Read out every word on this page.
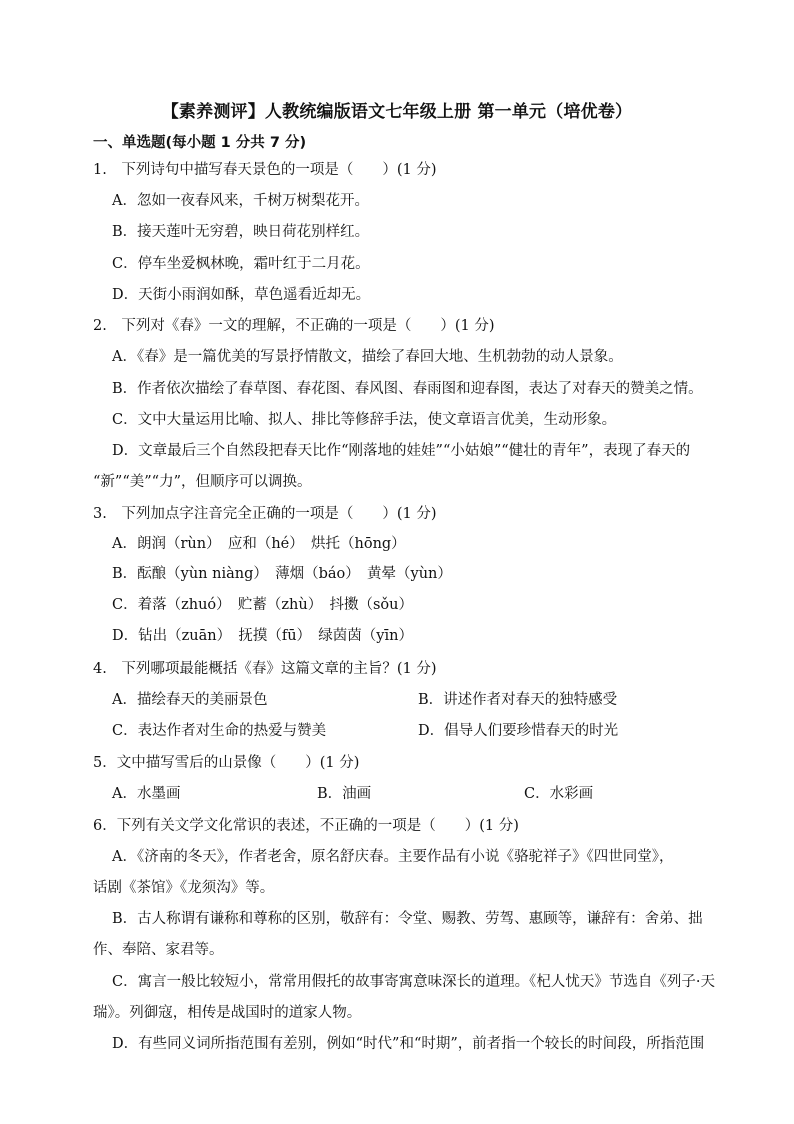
【素养测评】人教统编版语文七年级上册 第一单元（培优卷）
一、单选题(每小题 1 分共 7 分)
1.　下列诗句中描写春天景色的一项是（　　）(1 分)
A．忽如一夜春风来，千树万树梨花开。
B．接天莲叶无穷碧，映日荷花别样红。
C．停车坐爱枫林晚，霜叶红于二月花。
D．天街小雨润如酥，草色遥看近却无。
2.　下列对《春》一文的理解，不正确的一项是（　　）(1 分)
A．《春》是一篇优美的写景抒情散文，描绘了春回大地、生机勃勃的动人景象。
B．作者依次描绘了春草图、春花图、春风图、春雨图和迎春图，表达了对春天的赞美之情。
C．文中大量运用比喻、拟人、排比等修辞手法，使文章语言优美，生动形象。
D．文章最后三个自然段把春天比作“刚落地的娃娃”“小姑娘”“健壮的青年”，表现了春天的
“新”“美”“力”，但顺序可以调换。
3.　下列加点字注音完全正确的一项是（　　）(1 分)
A．朗润（rùn）　应和（hé）　烘托（hōng）
B．酝酿（yùn niàng）　薄烟（báo）　黄晕（yùn）
C．着落（zhuó）　贮蓄（zhù）　抖擞（sǒu）
D．钻出（zuān）　抚摸（fū）　绿茵茵（yīn）
4.　下列哪项最能概括《春》这篇文章的主旨？(1 分)
A．描绘春天的美丽景色	B．讲述作者对春天的独特感受
C．表达作者对生命的热爱与赞美	D．倡导人们要珍惜春天的时光
5．文中描写雪后的山景像（　　）(1 分)
A．水墨画	B．油画	C．水彩画
6．下列有关文学文化常识的表述，不正确的一项是（　　）(1 分)
A．《济南的冬天》，作者老舍，原名舒庆春。主要作品有小说《骆驼祥子》《四世同堂》，
话剧《茶馆》《龙须沟》等。
B．古人称谓有谦称和尊称的区别，敬辞有：令堂、赐教、劳驾、惠顾等，谦辞有：舍弟、拙
作、奉陪、家君等。
C．寓言一般比较短小，常常用假托的故事寄寓意味深长的道理。《杞人忧天》节选自《列子·天
瑞》。列御寇，相传是战国时的道家人物。
D．有些同义词所指范围有差别，例如“时代”和“时期”，前者指一个较长的时间段，所指范围
